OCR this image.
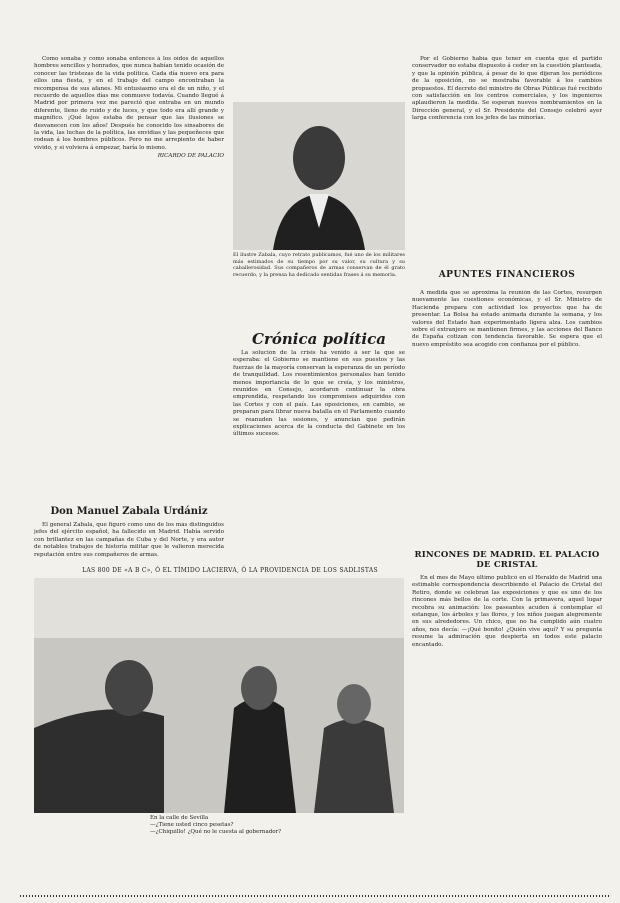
Como sonaba y como sonaba entonces á los oídos de aquellos hombres sencillos y honrados, que nunca habían tenido ocasión de conocer las tristezas de la vida política. Cada día nuevo era para ellos una fiesta, y en el trabajo del campo encontraban la recompensa de sus afanes. Mi entusiasmo era el de un niño, y el recuerdo de aquellos días me conmueve todavía. Cuando llegué á Madrid por primera vez me pareció que entraba en un mundo diferente, lleno de ruido y de luces, y que todo era allí grande y magnífico. ¡Qué lejos estaba de pensar que las ilusiones se desvanecen con los años! Después he conocido los sinsabores de la vida, las luchas de la política, las envidias y las pequeñeces que rodean á los hombres públicos. Pero no me arrepiento de haber vivido, y si volviera á empezar, haría lo mismo.

RICARDO DE PALACIO

Don Manuel Zabala Urdániz

El general Zabala, que figuró como uno de los más distinguidos jefes del ejército español, ha fallecido en Madrid. Había servido con brillantez en las campañas de Cuba y del Norte, y era autor de notables trabajos de historia militar que le valieron merecida reputación entre sus compañeros de armas.

El ilustre Zabala, cuyo retrato publicamos, fué uno de los militares más estimados de su tiempo por su valor, su cultura y su caballerosidad. Sus compañeros de armas conservan de él grato recuerdo, y la prensa ha dedicado sentidas frases á su memoria.
Crónica política

La solución de la crisis ha venido á ser la que se esperaba: el Gobierno se mantiene en sus puestos y las fuerzas de la mayoría conservan la esperanza de un período de tranquilidad. Los resentimientos personales han tenido menos importancia de lo que se creía, y los ministros, reunidos en Consejo, acordaron continuar la obra emprendida, respetando los compromisos adquiridos con las Cortes y con el país. Las oposiciones, en cambio, se preparan para librar nueva batalla en el Parlamento cuando se reanuden las sesiones, y anuncian que pedirán explicaciones acerca de la conducta del Gabinete en los últimos sucesos.

Por el Gobierno había que tener en cuenta que el partido conservador no estaba dispuesto á ceder en la cuestión planteada, y que la opinión pública, á pesar de lo que dijeran los periódicos de la oposición, no se mostraba favorable á los cambios propuestos. El decreto del ministro de Obras Públicas fué recibido con satisfacción en los centros comerciales, y los ingenieros aplaudieron la medida. Se esperan nuevos nombramientos en la Dirección general, y el Sr. Presidente del Consejo celebró ayer larga conferencia con los jefes de las minorías.

APUNTES FINANCIEROS

A medida que se aproxima la reunión de las Cortes, resurgen nuevamente las cuestiones económicas, y el Sr. Ministro de Hacienda prepara con actividad los proyectos que ha de presentar. La Bolsa ha estado animada durante la semana, y los valores del Estado han experimentado ligera alza. Los cambios sobre el extranjero se mantienen firmes, y las acciones del Banco de España cotizan con tendencia favorable. Se espera que el nuevo empréstito sea acogido con confianza por el público.

RINCONES DE MADRID. EL PALACIO DE CRISTAL

En el mes de Mayo último publicó en el Heraldo de Madrid una estimable correspondencia describiendo el Palacio de Cristal del Retiro, donde se celebran las exposiciones y que es uno de los rincones más bellos de la corte. Con la primavera, aquel lugar recobra su animación: los paseantes acuden á contemplar el estanque, los árboles y las flores, y los niños juegan alegremente en sus alrededores. Un chico, que no ha cumplido aún cuatro años, nos decía: —¡Qué bonito! ¿Quién vive aquí? Y su pregunta resume la admiración que despierta en todos este palacio encantado.

LAS 800 DE «A B C», Ó EL TÍMIDO LACIERVA, Ó LA PROVIDENCIA DE LOS SADLISTAS
En la calle de Sevilla
—¿Tiene usted cinco pesetas?
—¿Chiquillo! ¿Qué no le cuesta al gobernador?
